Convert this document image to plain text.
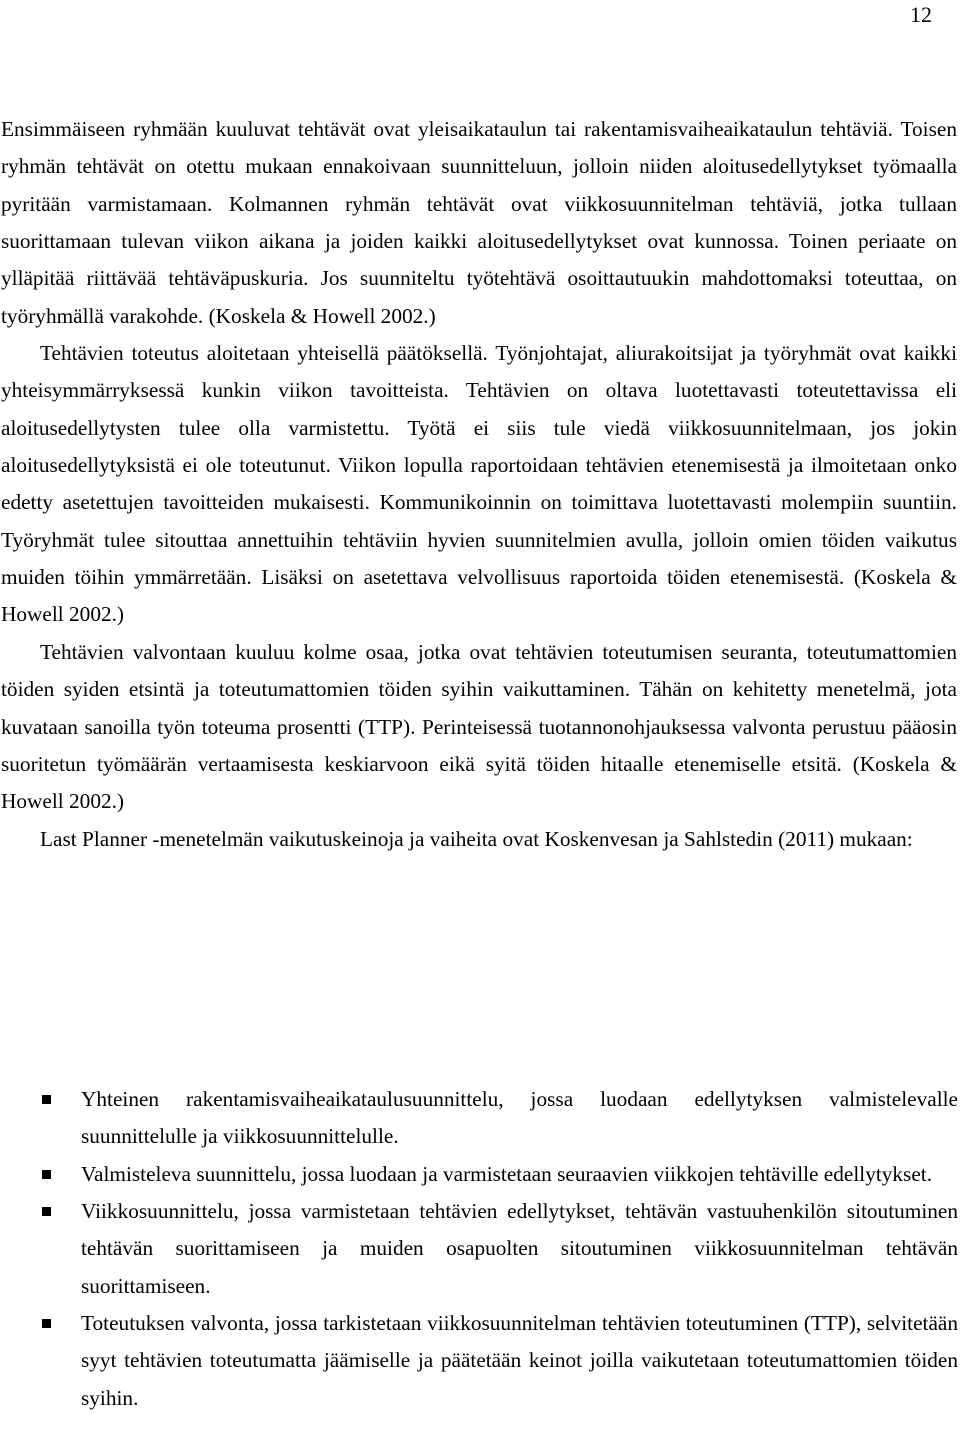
12

Ensimmäiseen ryhmään kuuluvat tehtävät ovat yleisaikataulun tai rakentamisvaiheaikataulun tehtäviä. Toisen ryhmän tehtävät on otettu mukaan ennakoivaan suunnitteluun, jolloin niiden aloitusedellytykset työmaalla pyritään varmistamaan. Kolmannen ryhmän tehtävät ovat viikkosuunnitelman tehtäviä, jotka tullaan suorittamaan tulevan viikon aikana ja joiden kaikki aloitusedellytykset ovat kunnossa. Toinen periaate on ylläpitää riittävää tehtäväpuskuria. Jos suunniteltu työtehtävä osoittautuukin mahdottomaksi toteuttaa, on työryhmällä varakohde. (Koskela & Howell 2002.)

Tehtävien toteutus aloitetaan yhteisellä päätöksellä. Työnjohtajat, aliurakoitsijat ja työryhmät ovat kaikki yhteisymmärryksessä kunkin viikon tavoitteista. Tehtävien on oltava luotettavasti toteutettavissa eli aloitusedellytysten tulee olla varmistettu. Työtä ei siis tule viedä viikkosuunnitelmaan, jos jokin aloitusedellytyksistä ei ole toteutunut. Viikon lopulla raportoidaan tehtävien etenemisestä ja ilmoitetaan onko edetty asetettujen tavoitteiden mukaisesti. Kommunikoinnin on toimittava luotettavasti molempiin suuntiin. Työryhmät tulee sitouttaa annettuihin tehtäviin hyvien suunnitelmien avulla, jolloin omien töiden vaikutus muiden töihin ymmärretään. Lisäksi on asetettava velvollisuus raportoida töiden etenemisestä. (Koskela & Howell 2002.)

Tehtävien valvontaan kuuluu kolme osaa, jotka ovat tehtävien toteutumisen seuranta, toteutumattomien töiden syiden etsintä ja toteutumattomien töiden syihin vaikuttaminen. Tähän on kehitetty menetelmä, jota kuvataan sanoilla työn toteuma prosentti (TTP). Perinteisessä tuotannonohjauksessa valvonta perustuu pääosin suoritetun työmäärän vertaamisesta keskiarvoon eikä syitä töiden hitaalle etenemiselle etsitä. (Koskela & Howell 2002.)

Last Planner -menetelmän vaikutuskeinoja ja vaiheita ovat Koskenvesan ja Sahlstedin (2011) mukaan:

Yhteinen rakentamisvaiheaikataulusuunnittelu, jossa luodaan edellytyksen valmistelevalle suunnittelulle ja viikkosuunnittelulle.
Valmisteleva suunnittelu, jossa luodaan ja varmistetaan seuraavien viikkojen tehtäville edellytykset.
Viikkosuunnittelu, jossa varmistetaan tehtävien edellytykset, tehtävän vastuuhenkilön sitoutuminen tehtävän suorittamiseen ja muiden osapuolten sitoutuminen viikkosuunnitelman tehtävän suorittamiseen.
Toteutuksen valvonta, jossa tarkistetaan viikkosuunnitelman tehtävien toteutuminen (TTP), selvitetään syyt tehtävien toteutumatta jäämiselle ja päätetään keinot joilla vaikutetaan toteutumattomien töiden syihin.
